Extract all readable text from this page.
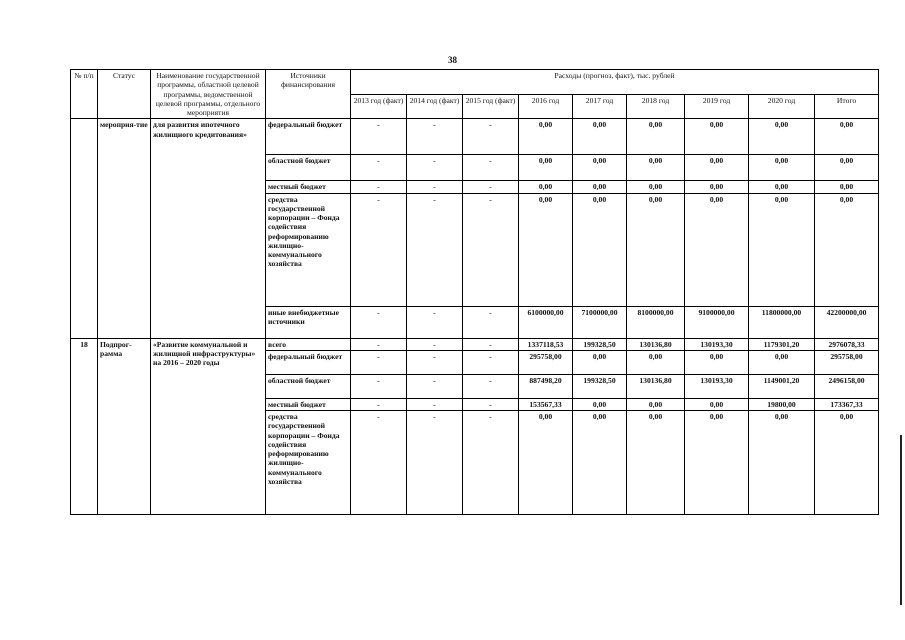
38
№ п/п	Статус	Наименование государственной программы, областной целевой программы, ведомственной целевой программы, отдельного мероприятия	Источники финансирования	Расходы (прогноз, факт), тыс. рублей								
				2013 год (факт)	2014 год (факт)	2015 год (факт)	2016 год	2017 год	2018 год	2019 год	2020 год	Итого
	мероприя-тие	для развития ипотечного жилищного кредитования»	федеральный бюджет	-	-	-	0,00	0,00	0,00	0,00	0,00	0,00
			областной бюджет	-	-	-	0,00	0,00	0,00	0,00	0,00	0,00
			местный бюджет	-	-	-	0,00	0,00	0,00	0,00	0,00	0,00
			средства государственной корпорации – Фонда содействия реформированию жилищно-коммунального хозяйства	-	-	-	0,00	0,00	0,00	0,00	0,00	0,00
			иные внебюджетные источники	-	-	-	6100000,00	7100000,00	8100000,00	9100000,00	11800000,00	42200000,00
18	Подпрог-рамма	«Развитие коммунальной и жилищной инфраструктуры» на 2016 – 2020 годы	всего	-	-	-	1337118,53	199328,50	130136,80	130193,30	1179301,20	2976078,33
			федеральный бюджет	-	-	-	295758,00	0,00	0,00	0,00	0,00	295758,00
			областной бюджет	-	-	-	887498,20	199328,50	130136,80	130193,30	1149001,20	2496158,00
			местный бюджет	-	-	-	153567,33	0,00	0,00	0,00	19800,00	173367,33
			средства государственной корпорации – Фонда содействия реформированию жилищно-коммунального хозяйства	-	-	-	0,00	0,00	0,00	0,00	0,00	0,00
